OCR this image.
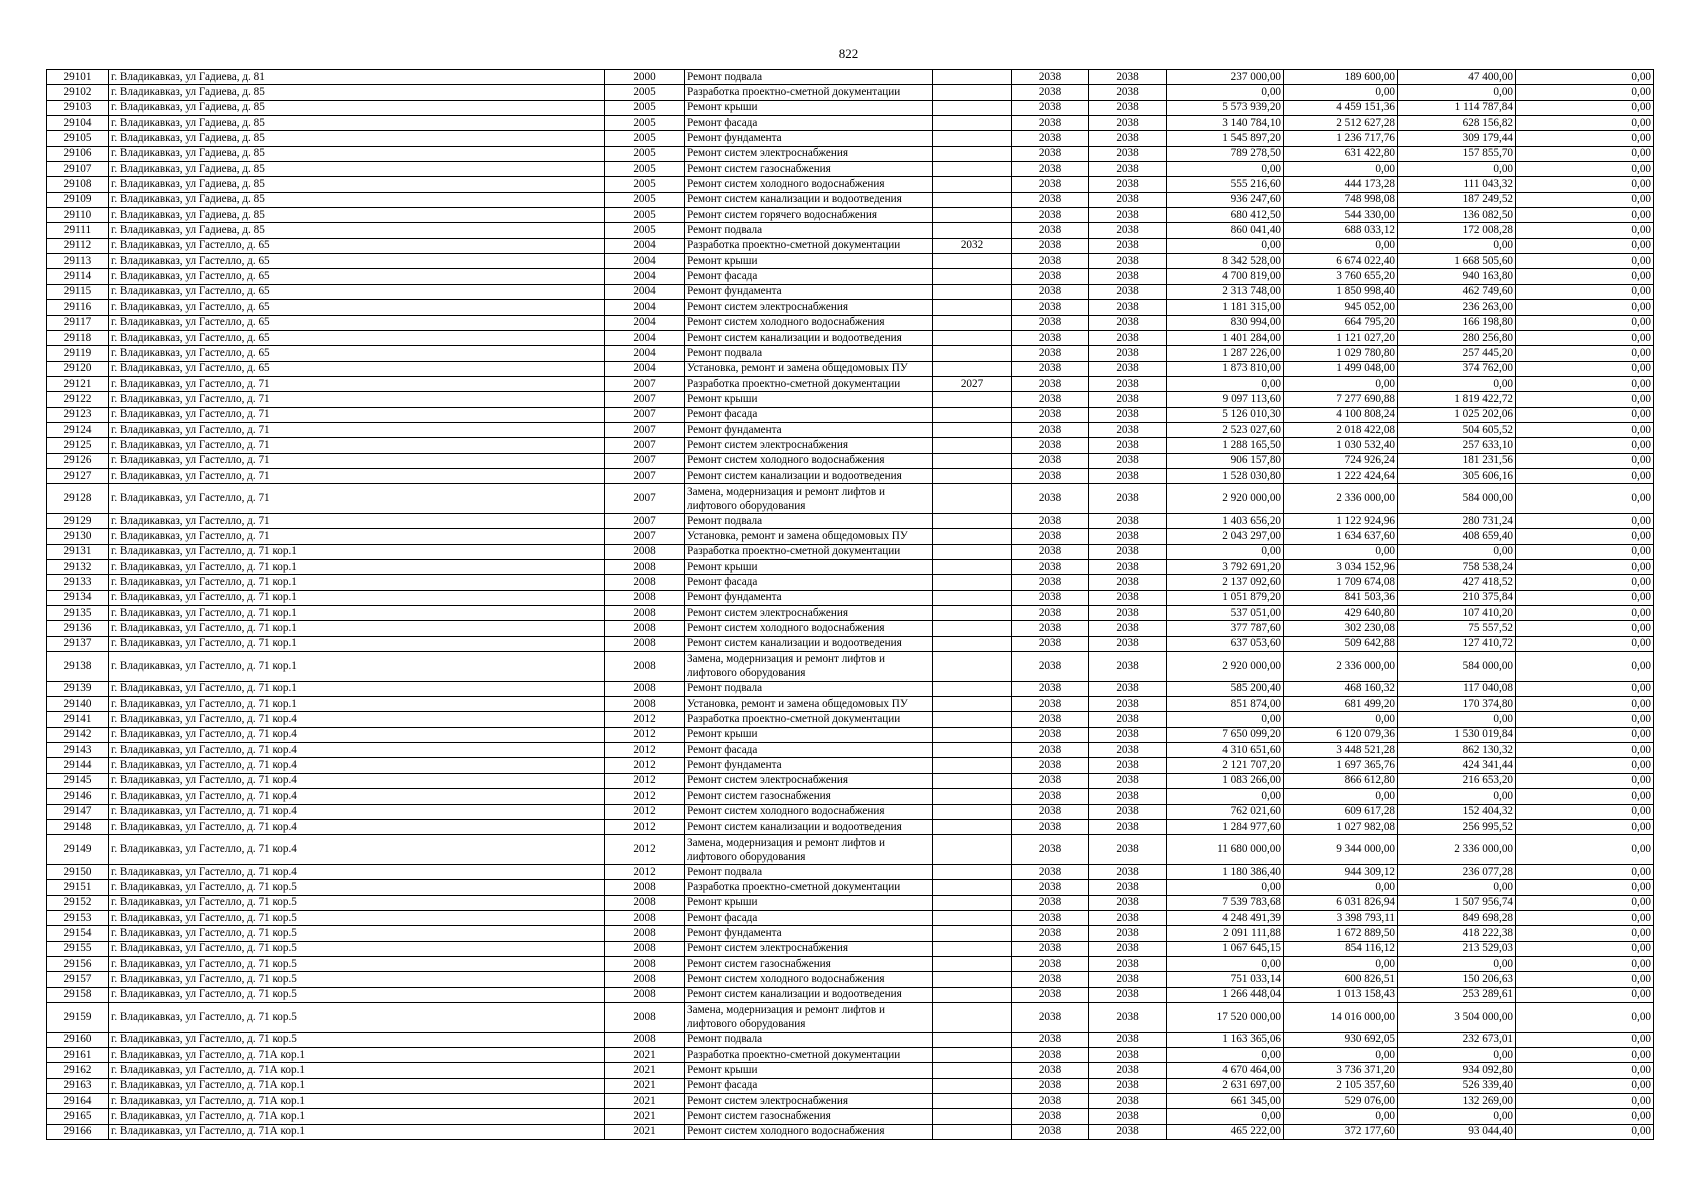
822
29101	г. Владикавказ, ул Гадиева, д. 81	2000	Ремонт подвала		2038	2038	237 000,00	189 600,00	47 400,00	0,00
29102	г. Владикавказ, ул Гадиева, д. 85	2005	Разработка проектно-сметной документации		2038	2038	0,00	0,00	0,00	0,00
29103	г. Владикавказ, ул Гадиева, д. 85	2005	Ремонт крыши		2038	2038	5 573 939,20	4 459 151,36	1 114 787,84	0,00
29104	г. Владикавказ, ул Гадиева, д. 85	2005	Ремонт фасада		2038	2038	3 140 784,10	2 512 627,28	628 156,82	0,00
29105	г. Владикавказ, ул Гадиева, д. 85	2005	Ремонт фундамента		2038	2038	1 545 897,20	1 236 717,76	309 179,44	0,00
29106	г. Владикавказ, ул Гадиева, д. 85	2005	Ремонт систем электроснабжения		2038	2038	789 278,50	631 422,80	157 855,70	0,00
29107	г. Владикавказ, ул Гадиева, д. 85	2005	Ремонт систем газоснабжения		2038	2038	0,00	0,00	0,00	0,00
29108	г. Владикавказ, ул Гадиева, д. 85	2005	Ремонт систем холодного водоснабжения		2038	2038	555 216,60	444 173,28	111 043,32	0,00
29109	г. Владикавказ, ул Гадиева, д. 85	2005	Ремонт систем канализации и водоотведения		2038	2038	936 247,60	748 998,08	187 249,52	0,00
29110	г. Владикавказ, ул Гадиева, д. 85	2005	Ремонт систем горячего водоснабжения		2038	2038	680 412,50	544 330,00	136 082,50	0,00
29111	г. Владикавказ, ул Гадиева, д. 85	2005	Ремонт подвала		2038	2038	860 041,40	688 033,12	172 008,28	0,00
29112	г. Владикавказ, ул Гастелло, д. 65	2004	Разработка проектно-сметной документации	2032	2038	2038	0,00	0,00	0,00	0,00
29113	г. Владикавказ, ул Гастелло, д. 65	2004	Ремонт крыши		2038	2038	8 342 528,00	6 674 022,40	1 668 505,60	0,00
29114	г. Владикавказ, ул Гастелло, д. 65	2004	Ремонт фасада		2038	2038	4 700 819,00	3 760 655,20	940 163,80	0,00
29115	г. Владикавказ, ул Гастелло, д. 65	2004	Ремонт фундамента		2038	2038	2 313 748,00	1 850 998,40	462 749,60	0,00
29116	г. Владикавказ, ул Гастелло, д. 65	2004	Ремонт систем электроснабжения		2038	2038	1 181 315,00	945 052,00	236 263,00	0,00
29117	г. Владикавказ, ул Гастелло, д. 65	2004	Ремонт систем холодного водоснабжения		2038	2038	830 994,00	664 795,20	166 198,80	0,00
29118	г. Владикавказ, ул Гастелло, д. 65	2004	Ремонт систем канализации и водоотведения		2038	2038	1 401 284,00	1 121 027,20	280 256,80	0,00
29119	г. Владикавказ, ул Гастелло, д. 65	2004	Ремонт подвала		2038	2038	1 287 226,00	1 029 780,80	257 445,20	0,00
29120	г. Владикавказ, ул Гастелло, д. 65	2004	Установка, ремонт и замена общедомовых ПУ		2038	2038	1 873 810,00	1 499 048,00	374 762,00	0,00
29121	г. Владикавказ, ул Гастелло, д. 71	2007	Разработка проектно-сметной документации	2027	2038	2038	0,00	0,00	0,00	0,00
29122	г. Владикавказ, ул Гастелло, д. 71	2007	Ремонт крыши		2038	2038	9 097 113,60	7 277 690,88	1 819 422,72	0,00
29123	г. Владикавказ, ул Гастелло, д. 71	2007	Ремонт фасада		2038	2038	5 126 010,30	4 100 808,24	1 025 202,06	0,00
29124	г. Владикавказ, ул Гастелло, д. 71	2007	Ремонт фундамента		2038	2038	2 523 027,60	2 018 422,08	504 605,52	0,00
29125	г. Владикавказ, ул Гастелло, д. 71	2007	Ремонт систем электроснабжения		2038	2038	1 288 165,50	1 030 532,40	257 633,10	0,00
29126	г. Владикавказ, ул Гастелло, д. 71	2007	Ремонт систем холодного водоснабжения		2038	2038	906 157,80	724 926,24	181 231,56	0,00
29127	г. Владикавказ, ул Гастелло, д. 71	2007	Ремонт систем канализации и водоотведения		2038	2038	1 528 030,80	1 222 424,64	305 606,16	0,00
29128	г. Владикавказ, ул Гастелло, д. 71	2007	Замена, модернизация и ремонт лифтов и лифтового оборудования		2038	2038	2 920 000,00	2 336 000,00	584 000,00	0,00
29129	г. Владикавказ, ул Гастелло, д. 71	2007	Ремонт подвала		2038	2038	1 403 656,20	1 122 924,96	280 731,24	0,00
29130	г. Владикавказ, ул Гастелло, д. 71	2007	Установка, ремонт и замена общедомовых ПУ		2038	2038	2 043 297,00	1 634 637,60	408 659,40	0,00
29131	г. Владикавказ, ул Гастелло, д. 71 кор.1	2008	Разработка проектно-сметной документации		2038	2038	0,00	0,00	0,00	0,00
29132	г. Владикавказ, ул Гастелло, д. 71 кор.1	2008	Ремонт крыши		2038	2038	3 792 691,20	3 034 152,96	758 538,24	0,00
29133	г. Владикавказ, ул Гастелло, д. 71 кор.1	2008	Ремонт фасада		2038	2038	2 137 092,60	1 709 674,08	427 418,52	0,00
29134	г. Владикавказ, ул Гастелло, д. 71 кор.1	2008	Ремонт фундамента		2038	2038	1 051 879,20	841 503,36	210 375,84	0,00
29135	г. Владикавказ, ул Гастелло, д. 71 кор.1	2008	Ремонт систем электроснабжения		2038	2038	537 051,00	429 640,80	107 410,20	0,00
29136	г. Владикавказ, ул Гастелло, д. 71 кор.1	2008	Ремонт систем холодного водоснабжения		2038	2038	377 787,60	302 230,08	75 557,52	0,00
29137	г. Владикавказ, ул Гастелло, д. 71 кор.1	2008	Ремонт систем канализации и водоотведения		2038	2038	637 053,60	509 642,88	127 410,72	0,00
29138	г. Владикавказ, ул Гастелло, д. 71 кор.1	2008	Замена, модернизация и ремонт лифтов и лифтового оборудования		2038	2038	2 920 000,00	2 336 000,00	584 000,00	0,00
29139	г. Владикавказ, ул Гастелло, д. 71 кор.1	2008	Ремонт подвала		2038	2038	585 200,40	468 160,32	117 040,08	0,00
29140	г. Владикавказ, ул Гастелло, д. 71 кор.1	2008	Установка, ремонт и замена общедомовых ПУ		2038	2038	851 874,00	681 499,20	170 374,80	0,00
29141	г. Владикавказ, ул Гастелло, д. 71 кор.4	2012	Разработка проектно-сметной документации		2038	2038	0,00	0,00	0,00	0,00
29142	г. Владикавказ, ул Гастелло, д. 71 кор.4	2012	Ремонт крыши		2038	2038	7 650 099,20	6 120 079,36	1 530 019,84	0,00
29143	г. Владикавказ, ул Гастелло, д. 71 кор.4	2012	Ремонт фасада		2038	2038	4 310 651,60	3 448 521,28	862 130,32	0,00
29144	г. Владикавказ, ул Гастелло, д. 71 кор.4	2012	Ремонт фундамента		2038	2038	2 121 707,20	1 697 365,76	424 341,44	0,00
29145	г. Владикавказ, ул Гастелло, д. 71 кор.4	2012	Ремонт систем электроснабжения		2038	2038	1 083 266,00	866 612,80	216 653,20	0,00
29146	г. Владикавказ, ул Гастелло, д. 71 кор.4	2012	Ремонт систем газоснабжения		2038	2038	0,00	0,00	0,00	0,00
29147	г. Владикавказ, ул Гастелло, д. 71 кор.4	2012	Ремонт систем холодного водоснабжения		2038	2038	762 021,60	609 617,28	152 404,32	0,00
29148	г. Владикавказ, ул Гастелло, д. 71 кор.4	2012	Ремонт систем канализации и водоотведения		2038	2038	1 284 977,60	1 027 982,08	256 995,52	0,00
29149	г. Владикавказ, ул Гастелло, д. 71 кор.4	2012	Замена, модернизация и ремонт лифтов и лифтового оборудования		2038	2038	11 680 000,00	9 344 000,00	2 336 000,00	0,00
29150	г. Владикавказ, ул Гастелло, д. 71 кор.4	2012	Ремонт подвала		2038	2038	1 180 386,40	944 309,12	236 077,28	0,00
29151	г. Владикавказ, ул Гастелло, д. 71 кор.5	2008	Разработка проектно-сметной документации		2038	2038	0,00	0,00	0,00	0,00
29152	г. Владикавказ, ул Гастелло, д. 71 кор.5	2008	Ремонт крыши		2038	2038	7 539 783,68	6 031 826,94	1 507 956,74	0,00
29153	г. Владикавказ, ул Гастелло, д. 71 кор.5	2008	Ремонт фасада		2038	2038	4 248 491,39	3 398 793,11	849 698,28	0,00
29154	г. Владикавказ, ул Гастелло, д. 71 кор.5	2008	Ремонт фундамента		2038	2038	2 091 111,88	1 672 889,50	418 222,38	0,00
29155	г. Владикавказ, ул Гастелло, д. 71 кор.5	2008	Ремонт систем электроснабжения		2038	2038	1 067 645,15	854 116,12	213 529,03	0,00
29156	г. Владикавказ, ул Гастелло, д. 71 кор.5	2008	Ремонт систем газоснабжения		2038	2038	0,00	0,00	0,00	0,00
29157	г. Владикавказ, ул Гастелло, д. 71 кор.5	2008	Ремонт систем холодного водоснабжения		2038	2038	751 033,14	600 826,51	150 206,63	0,00
29158	г. Владикавказ, ул Гастелло, д. 71 кор.5	2008	Ремонт систем канализации и водоотведения		2038	2038	1 266 448,04	1 013 158,43	253 289,61	0,00
29159	г. Владикавказ, ул Гастелло, д. 71 кор.5	2008	Замена, модернизация и ремонт лифтов и лифтового оборудования		2038	2038	17 520 000,00	14 016 000,00	3 504 000,00	0,00
29160	г. Владикавказ, ул Гастелло, д. 71 кор.5	2008	Ремонт подвала		2038	2038	1 163 365,06	930 692,05	232 673,01	0,00
29161	г. Владикавказ, ул Гастелло, д. 71А кор.1	2021	Разработка проектно-сметной документации		2038	2038	0,00	0,00	0,00	0,00
29162	г. Владикавказ, ул Гастелло, д. 71А кор.1	2021	Ремонт крыши		2038	2038	4 670 464,00	3 736 371,20	934 092,80	0,00
29163	г. Владикавказ, ул Гастелло, д. 71А кор.1	2021	Ремонт фасада		2038	2038	2 631 697,00	2 105 357,60	526 339,40	0,00
29164	г. Владикавказ, ул Гастелло, д. 71А кор.1	2021	Ремонт систем электроснабжения		2038	2038	661 345,00	529 076,00	132 269,00	0,00
29165	г. Владикавказ, ул Гастелло, д. 71А кор.1	2021	Ремонт систем газоснабжения		2038	2038	0,00	0,00	0,00	0,00
29166	г. Владикавказ, ул Гастелло, д. 71А кор.1	2021	Ремонт систем холодного водоснабжения		2038	2038	465 222,00	372 177,60	93 044,40	0,00
